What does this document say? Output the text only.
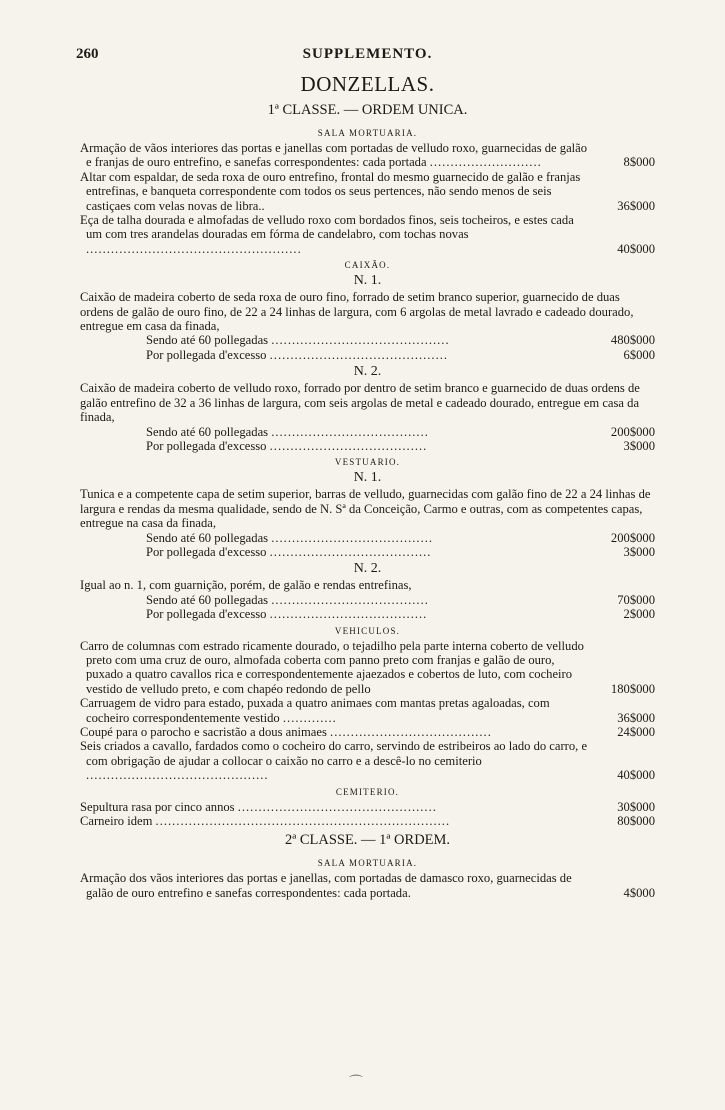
260	SUPPLEMENTO.
DONZELLAS.
1ª CLASSE. — ORDEM UNICA.
SALA MORTUARIA.
Armação de vãos interiores das portas e janellas com portadas de velludo roxo, guarnecidas de galão e franjas de ouro entrefino, e sanefas correspondentes: cada portada ...........................	8$000
Altar com espaldar, de seda roxa de ouro entrefino, frontal do mesmo guarnecido de galão e franjas entrefinas, e banqueta correspondente com todos os seus pertences, não sendo menos de seis castiçaes com velas novas de libra..	36$000
Eça de talha dourada e almofadas de velludo roxo com bordados finos, seis tocheiros, e estes cada um com tres arandelas douradas em fórma de candelabro, com tochas novas ....................................................	40$000
CAIXÃO.
N. 1.

Caixão de madeira coberto de seda roxa de ouro fino, forrado de setim branco superior, guarnecido de duas ordens de galão de ouro fino, de 22 a 24 linhas de largura, com 6 argolas de metal lavrado e cadeado dourado, entregue em casa da finada,

Sendo até 60 pollegadas ...........................................	480$000
Por pollegada d'excesso ...........................................	6$000
N. 2.

Caixão de madeira coberto de velludo roxo, forrado por dentro de setim branco e guarnecido de duas ordens de galão entrefino de 32 a 36 linhas de largura, com seis argolas de metal e cadeado dourado, entregue em casa da finada,

Sendo até 60 pollegadas ......................................	200$000
Por pollegada d'excesso ......................................	3$000
VESTUARIO.
N. 1.

Tunica e a competente capa de setim superior, barras de velludo, guarnecidas com galão fino de 22 a 24 linhas de largura e rendas da mesma qualidade, sendo de N. Sª da Conceição, Carmo e outras, com as competentes capas, entregue na casa da finada,

Sendo até 60 pollegadas .......................................	200$000
Por pollegada d'excesso .......................................	3$000
N. 2.

Igual ao n. 1, com guarnição, porém, de galão e rendas entrefinas,

Sendo até 60 pollegadas ......................................	70$000
Por pollegada d'excesso ......................................	2$000
VEHICULOS.
Carro de columnas com estrado ricamente dourado, o tejadilho pela parte interna coberto de velludo preto com uma cruz de ouro, almofada coberta com panno preto com franjas e galão de ouro, puxado a quatro cavallos rica e correspondentemente ajaezados e cobertos de luto, com cocheiro vestido de velludo preto, e com chapéo redondo de pello	180$000
Carruagem de vidro para estado, puxada a quatro animaes com mantas pretas agaloadas, com cocheiro correspondentemente vestido .............	36$000
Coupé para o parocho e sacristão a dous animaes .......................................	24$000
Seis criados a cavallo, fardados como o cocheiro do carro, servindo de estribeiros ao lado do carro, e com obrigação de ajudar a collocar o caixão no carro e a descê-lo no cemiterio ............................................	40$000
CEMITERIO.
Sepultura rasa por cinco annos ................................................	30$000
Carneiro idem .......................................................................	80$000
2ª CLASSE. — 1ª ORDEM.
SALA MORTUARIA.
Armação dos vãos interiores das portas e janellas, com portadas de damasco roxo, guarnecidas de galão de ouro entrefino e sanefas correspondentes: cada portada.	4$000
⌒
